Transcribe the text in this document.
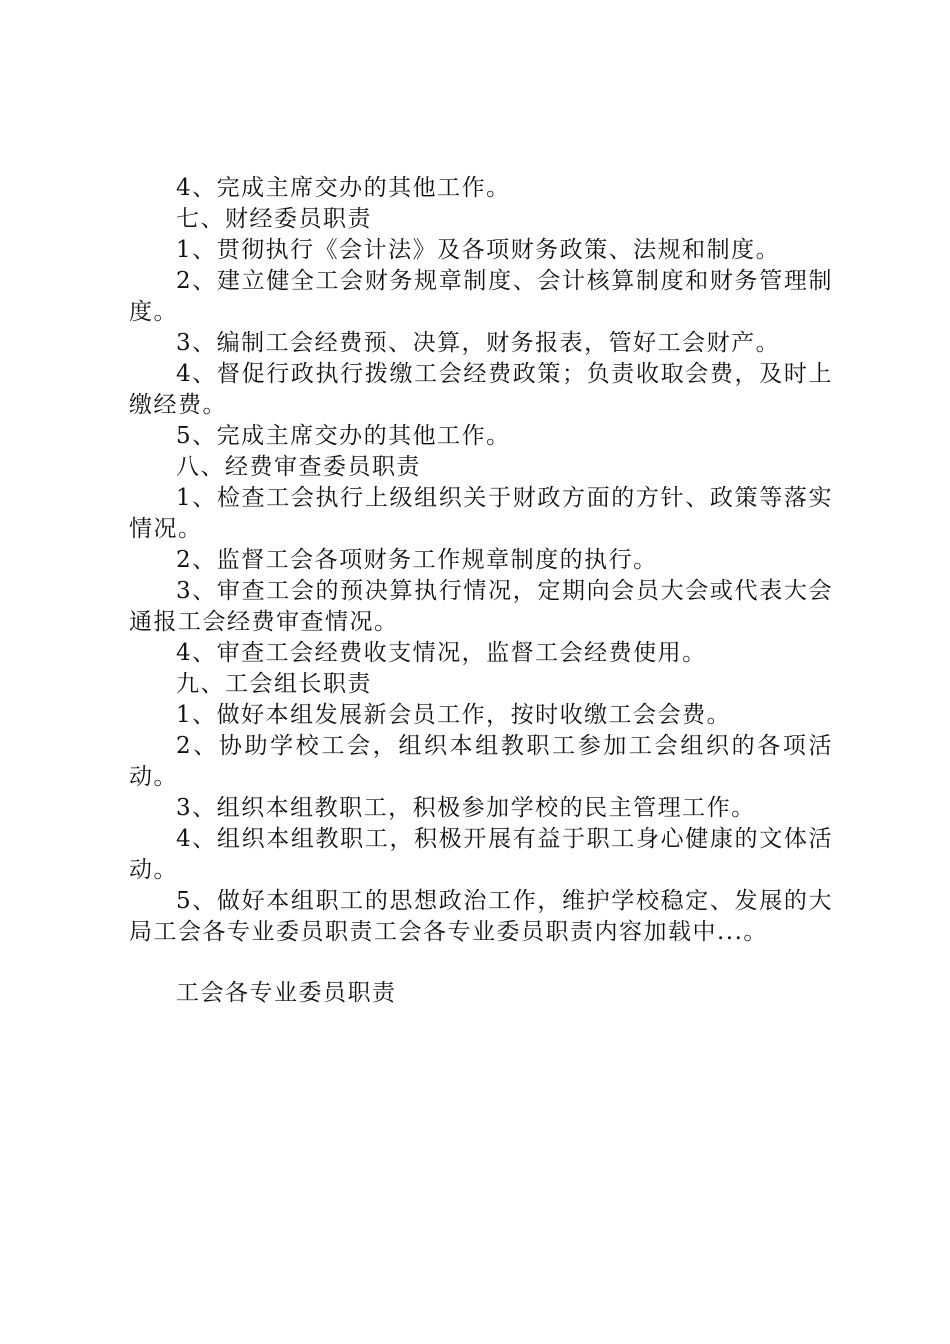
4、完成主席交办的其他工作。

七、财经委员职责

1、贯彻执行《会计法》及各项财务政策、法规和制度。

2、建立健全工会财务规章制度、会计核算制度和财务管理制度。

3、编制工会经费预、决算，财务报表，管好工会财产。

4、督促行政执行拨缴工会经费政策；负责收取会费，及时上缴经费。

5、完成主席交办的其他工作。

八、经费审查委员职责

1、检查工会执行上级组织关于财政方面的方针、政策等落实情况。

2、监督工会各项财务工作规章制度的执行。

3、审查工会的预决算执行情况，定期向会员大会或代表大会通报工会经费审查情况。

4、审查工会经费收支情况，监督工会经费使用。

九、工会组长职责

1、做好本组发展新会员工作，按时收缴工会会费。

2、协助学校工会，组织本组教职工参加工会组织的各项活动。

3、组织本组教职工，积极参加学校的民主管理工作。

4、组织本组教职工，积极开展有益于职工身心健康的文体活动。

5、做好本组职工的思想政治工作，维护学校稳定、发展的大局工会各专业委员职责工会各专业委员职责内容加载中...。

工会各专业委员职责
